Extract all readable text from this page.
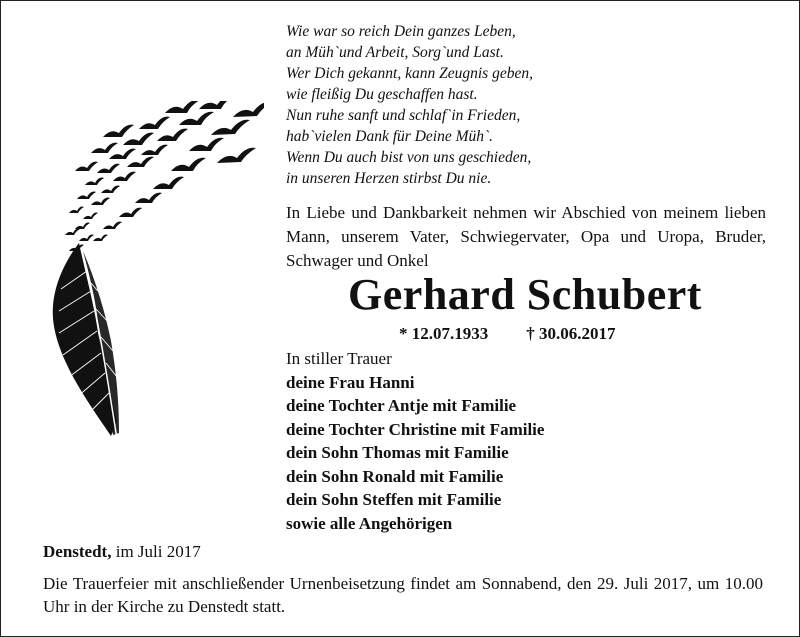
Wie war so reich Dein ganzes Leben,
an Müh`und Arbeit, Sorg`und Last.
Wer Dich gekannt, kann Zeugnis geben,
wie fleißig Du geschaffen hast.
Nun ruhe sanft und schlaf`in Frieden,
hab`vielen Dank für Deine Müh`.
Wenn Du auch bist von uns geschieden,
in unseren Herzen stirbst Du nie.
In Liebe und Dankbarkeit nehmen wir Abschied von meinem lieben Mann, unserem Vater, Schwiegervater, Opa und Uropa, Bruder, Schwager und Onkel
Gerhard Schubert
* 12.07.1933 † 30.06.2017
In stiller Trauer
deine Frau Hanni
deine Tochter Antje mit Familie
deine Tochter Christine mit Familie
dein Sohn Thomas mit Familie
dein Sohn Ronald mit Familie
dein Sohn Steffen mit Familie
sowie alle Angehörigen
Denstedt, im Juli 2017
Die Trauerfeier mit anschließender Urnenbeisetzung findet am Sonnabend, den 29. Juli 2017, um 10.00 Uhr in der Kirche zu Denstedt statt.
